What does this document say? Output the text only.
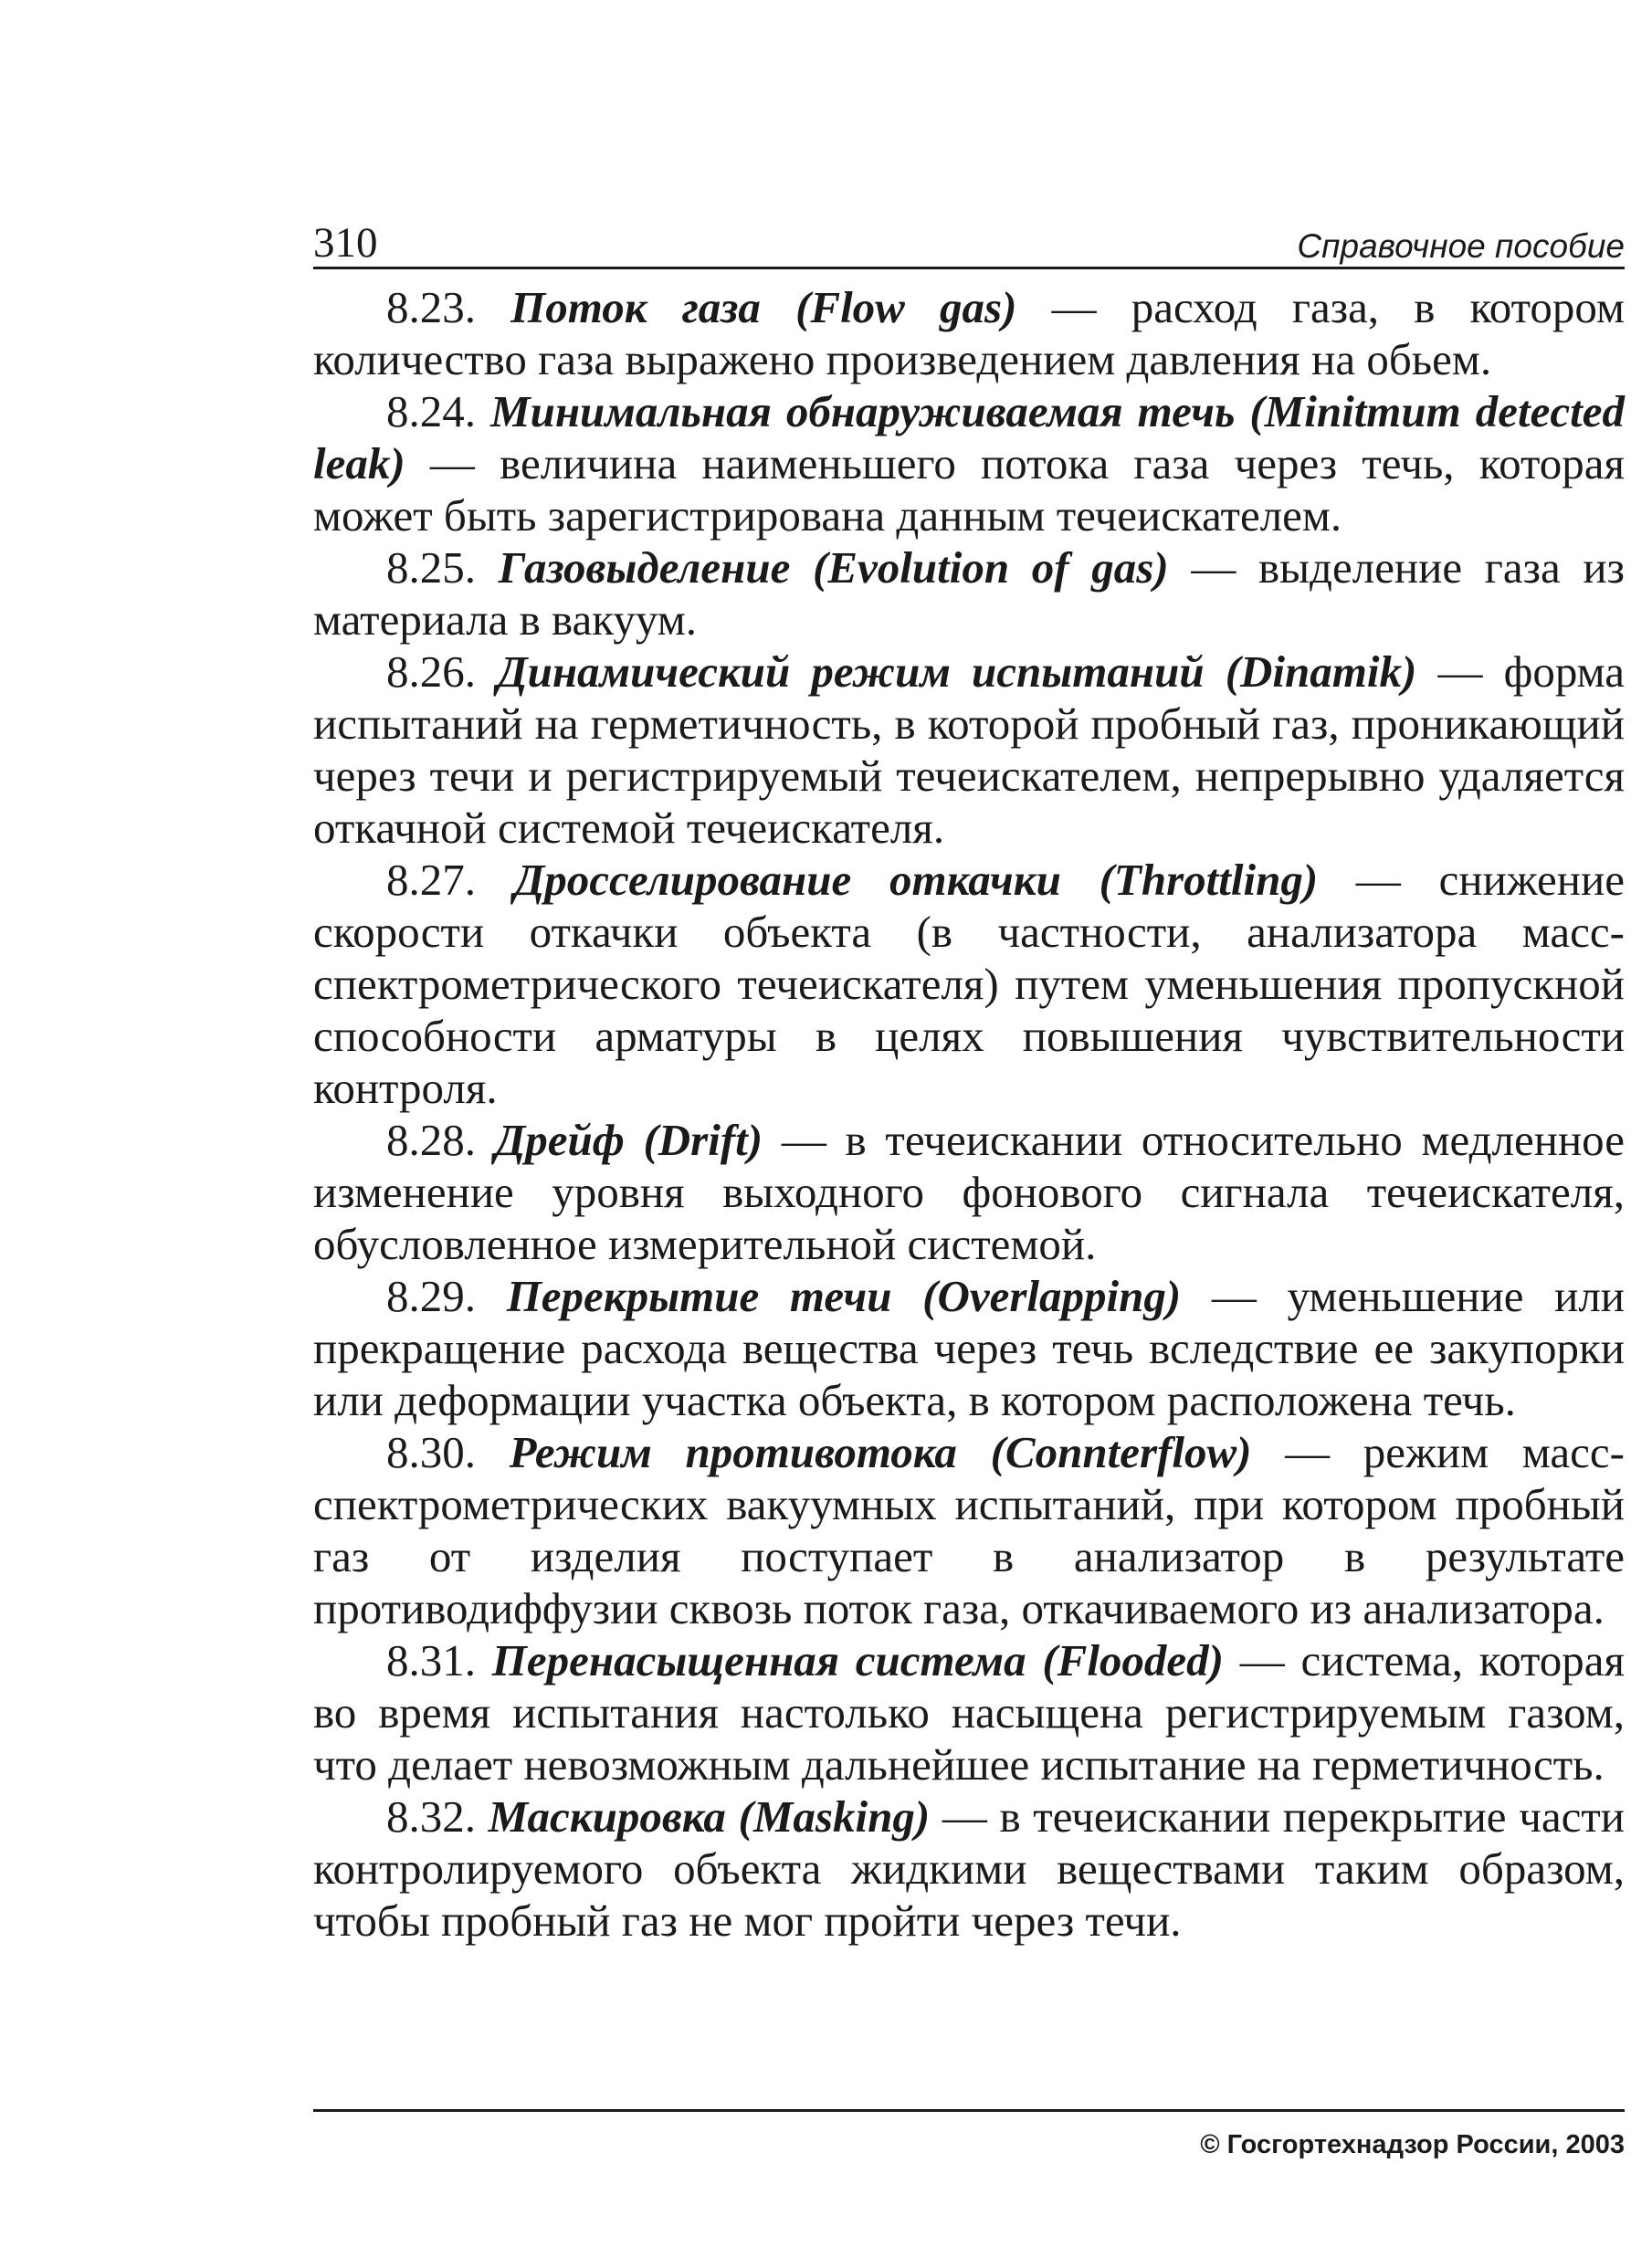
310	Справочное пособие

8.23. Поток газа (Flow gas) — расход газа, в котором количество газа выражено произведением давления на обьем.

8.24. Минимальная обнаруживаемая течь (Minitmum detected leak) — величина наименьшего потока газа через течь, которая может быть зарегистрирована данным течеискателем.

8.25. Газовыделение (Evolution of gas) — выделение газа из материала в вакуум.

8.26. Динамический режим испытаний (Dinamik) — форма испытаний на герметичность, в которой пробный газ, проникающий через течи и регистрируемый течеискателем, непрерывно удаляется откачной системой течеискателя.

8.27. Дросселирование откачки (Throttling) — снижение скорости откачки объекта (в частности, анализатора масс-спектрометрического течеискателя) путем уменьшения пропускной способности арматуры в целях повышения чувствительности контроля.

8.28. Дрейф (Drift) — в течеискании относительно медленное изменение уровня выходного фонового сигнала течеискателя, обусловленное измерительной системой.

8.29. Перекрытие течи (Overlapping) — уменьшение или прекращение расхода вещества через течь вследствие ее закупорки или деформации участка объекта, в котором расположена течь.

8.30. Режим противотока (Connterflow) — режим масс-спектрометрических вакуумных испытаний, при котором пробный газ от изделия поступает в анализатор в результате противодиффузии сквозь поток газа, откачиваемого из анализатора.

8.31. Перенасыщенная система (Flooded) — система, которая во время испытания настолько насыщена регистрируемым газом, что делает невозможным дальнейшее испытание на герметичность.

8.32. Маскировка (Masking) — в течеискании перекрытие части контролируемого объекта жидкими веществами таким образом, чтобы пробный газ не мог пройти через течи.

© Госгортехнадзор России, 2003
